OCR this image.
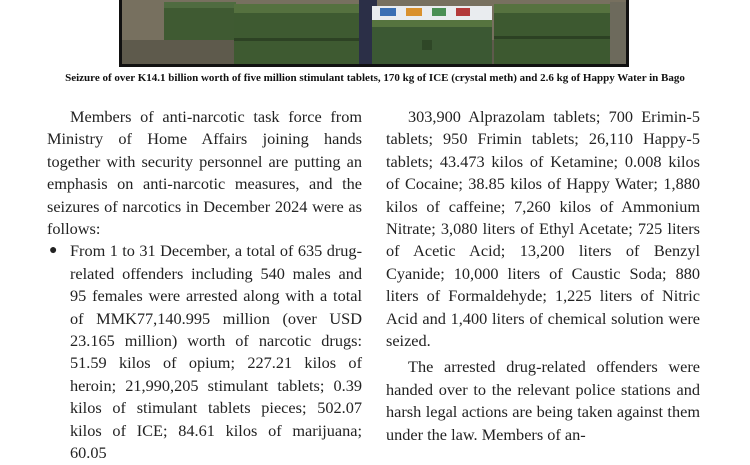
Seizure of over K14.1 billion worth of five million stimulant tablets, 170 kg of ICE (crystal meth) and 2.6 kg of Happy Water in Bago

Members of anti-narcotic task force from Ministry of Home Affairs joining hands together with security personnel are putting an emphasis on anti-narcotic measures, and the seizures of narcotics in December 2024 were as follows:

● From 1 to 31 December, a total of 635 drug-related offenders including 540 males and 95 females were arrested along with a total of MMK77,140.995 million (over USD 23.165 million) worth of narcotic drugs: 51.59 kilos of opium; 227.21 kilos of heroin; 21,990,205 stimulant tablets; 0.39 kilos of stimulant tablets pieces; 502.07 kilos of ICE; 84.61 kilos of marijuana; 60.05

303,900 Alprazolam tablets; 700 Erimin-5 tablets; 950 Frimin tablets; 26,110 Happy-5 tablets; 43.473 kilos of Ketamine; 0.008 kilos of Cocaine; 38.85 kilos of Happy Water; 1,880 kilos of caffeine; 7,260 kilos of Ammonium Nitrate; 3,080 liters of Ethyl Acetate; 725 liters of Acetic Acid; 13,200 liters of Benzyl Cyanide; 10,000 liters of Caustic Soda; 880 liters of Formaldehyde; 1,225 liters of Nitric Acid and 1,400 liters of chemical solution were seized.

The arrested drug-related offenders were handed over to the relevant police stations and harsh legal actions are being taken against them under the law. Members of an-
